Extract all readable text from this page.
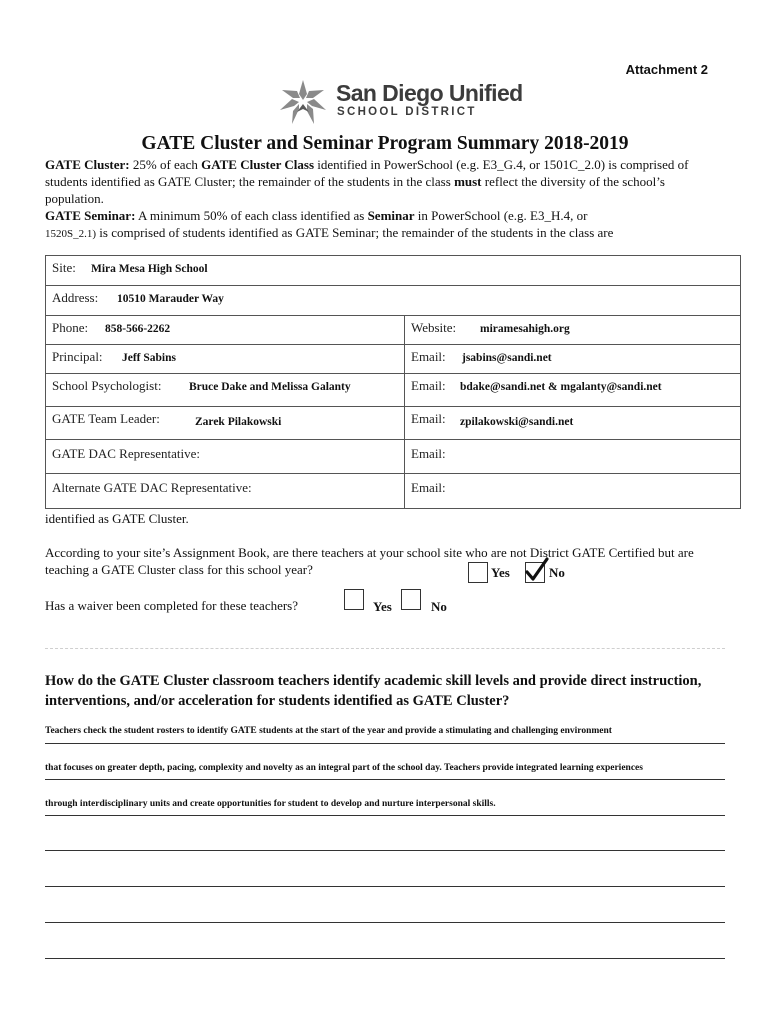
Attachment 2
San Diego Unified
SCHOOL DISTRICT
GATE Cluster and Seminar Program Summary 2018-2019

GATE Cluster: 25% of each GATE Cluster Class identified in PowerSchool (e.g. E3_G.4, or 1501C_2.0) is comprised of students identified as GATE Cluster; the remainder of the students in the class must reflect the diversity of the school’s population.

GATE Seminar: A minimum 50% of each class identified as Seminar in PowerSchool (e.g. E3_H.4, or
1520S_2.1) is comprised of students identified as GATE Seminar; the remainder of the students in the class are

Site: Mira Mesa High School
Address: 10510 Marauder Way
Phone: 858-566-2262	Website: miramesahigh.org
Principal: Jeff Sabins	Email: jsabins@sandi.net
School Psychologist: Bruce Dake and Melissa Galanty	Email: bdake@sandi.net & mgalanty@sandi.net
GATE Team Leader:	Zarek Pilakowski	Email: zpilakowski@sandi.net
GATE DAC Representative:	Email:
Alternate GATE DAC Representative:	Email:
identified as GATE Cluster.
According to your site’s Assignment Book, are there teachers at your school site who are not District GATE Certified but are teaching a GATE Cluster class for this school year?	Yes	No
Has a waiver been completed for these teachers?	Yes	No
How do the GATE Cluster classroom teachers identify academic skill levels and provide direct instruction, interventions, and/or acceleration for students identified as GATE Cluster?
Teachers check the student rosters to identify GATE students at the start of the year and provide a stimulating and challenging environment
that focuses on greater depth, pacing, complexity and novelty as an integral part of the school day. Teachers provide integrated learning experiences
through interdisciplinary units and create opportunities for student to develop and nurture interpersonal skills.
